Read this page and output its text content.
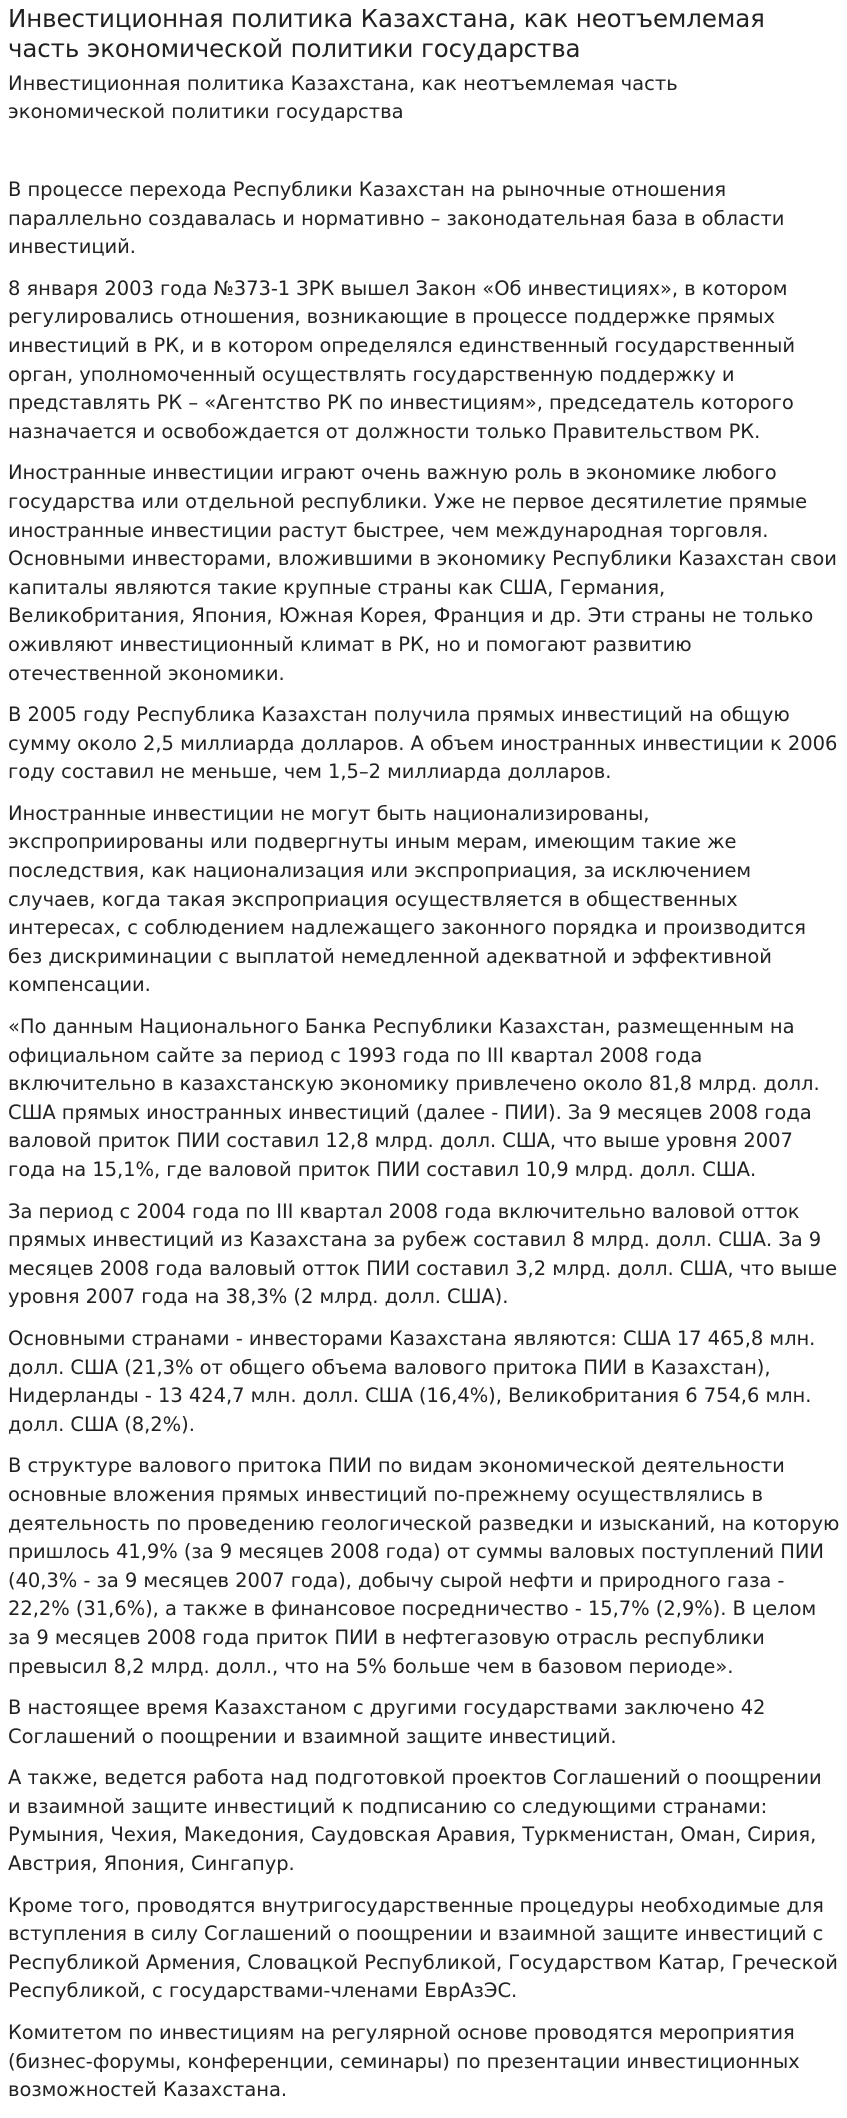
Инвестиционная политика Казахстана, как неотъемлемая часть экономической политики государства
Инвестиционная политика Казахстана, как неотъемлемая часть экономической политики государства

В процессе перехода Республики Казахстан на рыночные отношения параллельно создавалась и нормативно – законодательная база в области инвестиций.

8 января 2003 года №373-1 ЗРК вышел Закон «Об инвестициях», в котором регулировались отношения, возникающие в процессе поддержке прямых инвестиций в РК, и в котором определялся единственный государственный орган, уполномоченный осуществлять государственную поддержку и представлять РК – «Агентство РК по инвестициям», председатель которого назначается и освобождается от должности только Правительством РК.

Иностранные инвестиции играют очень важную роль в экономике любого государства или отдельной республики. Уже не первое десятилетие прямые иностранные инвестиции растут быстрее, чем международная торговля. Основными инвесторами, вложившими в экономику Республики Казахстан свои капиталы являются такие крупные страны как США, Германия, Великобритания, Япония, Южная Корея, Франция и др. Эти страны не только оживляют инвестиционный климат в РК, но и помогают развитию отечественной экономики.

В 2005 году Республика Казахстан получила прямых инвестиций на общую сумму около 2,5 миллиарда долларов. А объем иностранных инвестиции к 2006 году составил не меньше, чем 1,5–2 миллиарда долларов.

Иностранные инвестиции не могут быть национализированы, экспроприированы или подвергнуты иным мерам, имеющим такие же последствия, как национализация или экспроприация, за исключением случаев, когда такая экспроприация осуществляется в общественных интересах, с соблюдением надлежащего законного порядка и производится без дискриминации с выплатой немедленной адекватной и эффективной компенсации.

«По данным Национального Банка Республики Казахстан, размещенным на официальном сайте за период с 1993 года по III квартал 2008 года включительно в казахстанскую экономику привлечено около 81,8 млрд. долл. США прямых иностранных инвестиций (далее - ПИИ). За 9 месяцев 2008 года валовой приток ПИИ составил 12,8 млрд. долл. США, что выше уровня 2007 года на 15,1%, где валовой приток ПИИ составил 10,9 млрд. долл. США.

За период с 2004 года по III квартал 2008 года включительно валовой отток прямых инвестиций из Казахстана за рубеж составил 8 млрд. долл. США. За 9 месяцев 2008 года валовый отток ПИИ составил 3,2 млрд. долл. США, что выше уровня 2007 года на 38,3% (2 млрд. долл. США).

Основными странами - инвесторами Казахстана являются: США 17 465,8 млн. долл. США (21,3% от общего объема валового притока ПИИ в Казахстан), Нидерланды - 13 424,7 млн. долл. США (16,4%), Великобритания 6 754,6 млн. долл. США (8,2%).

В структуре валового притока ПИИ по видам экономической деятельности основные вложения прямых инвестиций по-прежнему осуществлялись в деятельность по проведению геологической разведки и изысканий, на которую пришлось 41,9% (за 9 месяцев 2008 года) от суммы валовых поступлений ПИИ (40,3% - за 9 месяцев 2007 года), добычу сырой нефти и природного газа - 22,2% (31,6%), а также в финансовое посредничество - 15,7% (2,9%). В целом за 9 месяцев 2008 года приток ПИИ в нефтегазовую отрасль республики превысил 8,2 млрд. долл., что на 5% больше чем в базовом периоде».

В настоящее время Казахстаном с другими государствами заключено 42 Соглашений о поощрении и взаимной защите инвестиций.

А также, ведется работа над подготовкой проектов Соглашений о поощрении и взаимной защите инвестиций к подписанию со следующими странами: Румыния, Чехия, Македония, Саудовская Аравия, Туркменистан, Оман, Сирия, Австрия, Япония, Сингапур.

Кроме того, проводятся внутригосударственные процедуры необходимые для вступления в силу Соглашений о поощрении и взаимной защите инвестиций с Республикой Армения, Словацкой Республикой, Государством Катар, Греческой Республикой, с государствами-членами ЕврАзЭС.

Комитетом по инвестициям на регулярной основе проводятся мероприятия (бизнес-форумы, конференции, семинары) по презентации инвестиционных возможностей Казахстана.
